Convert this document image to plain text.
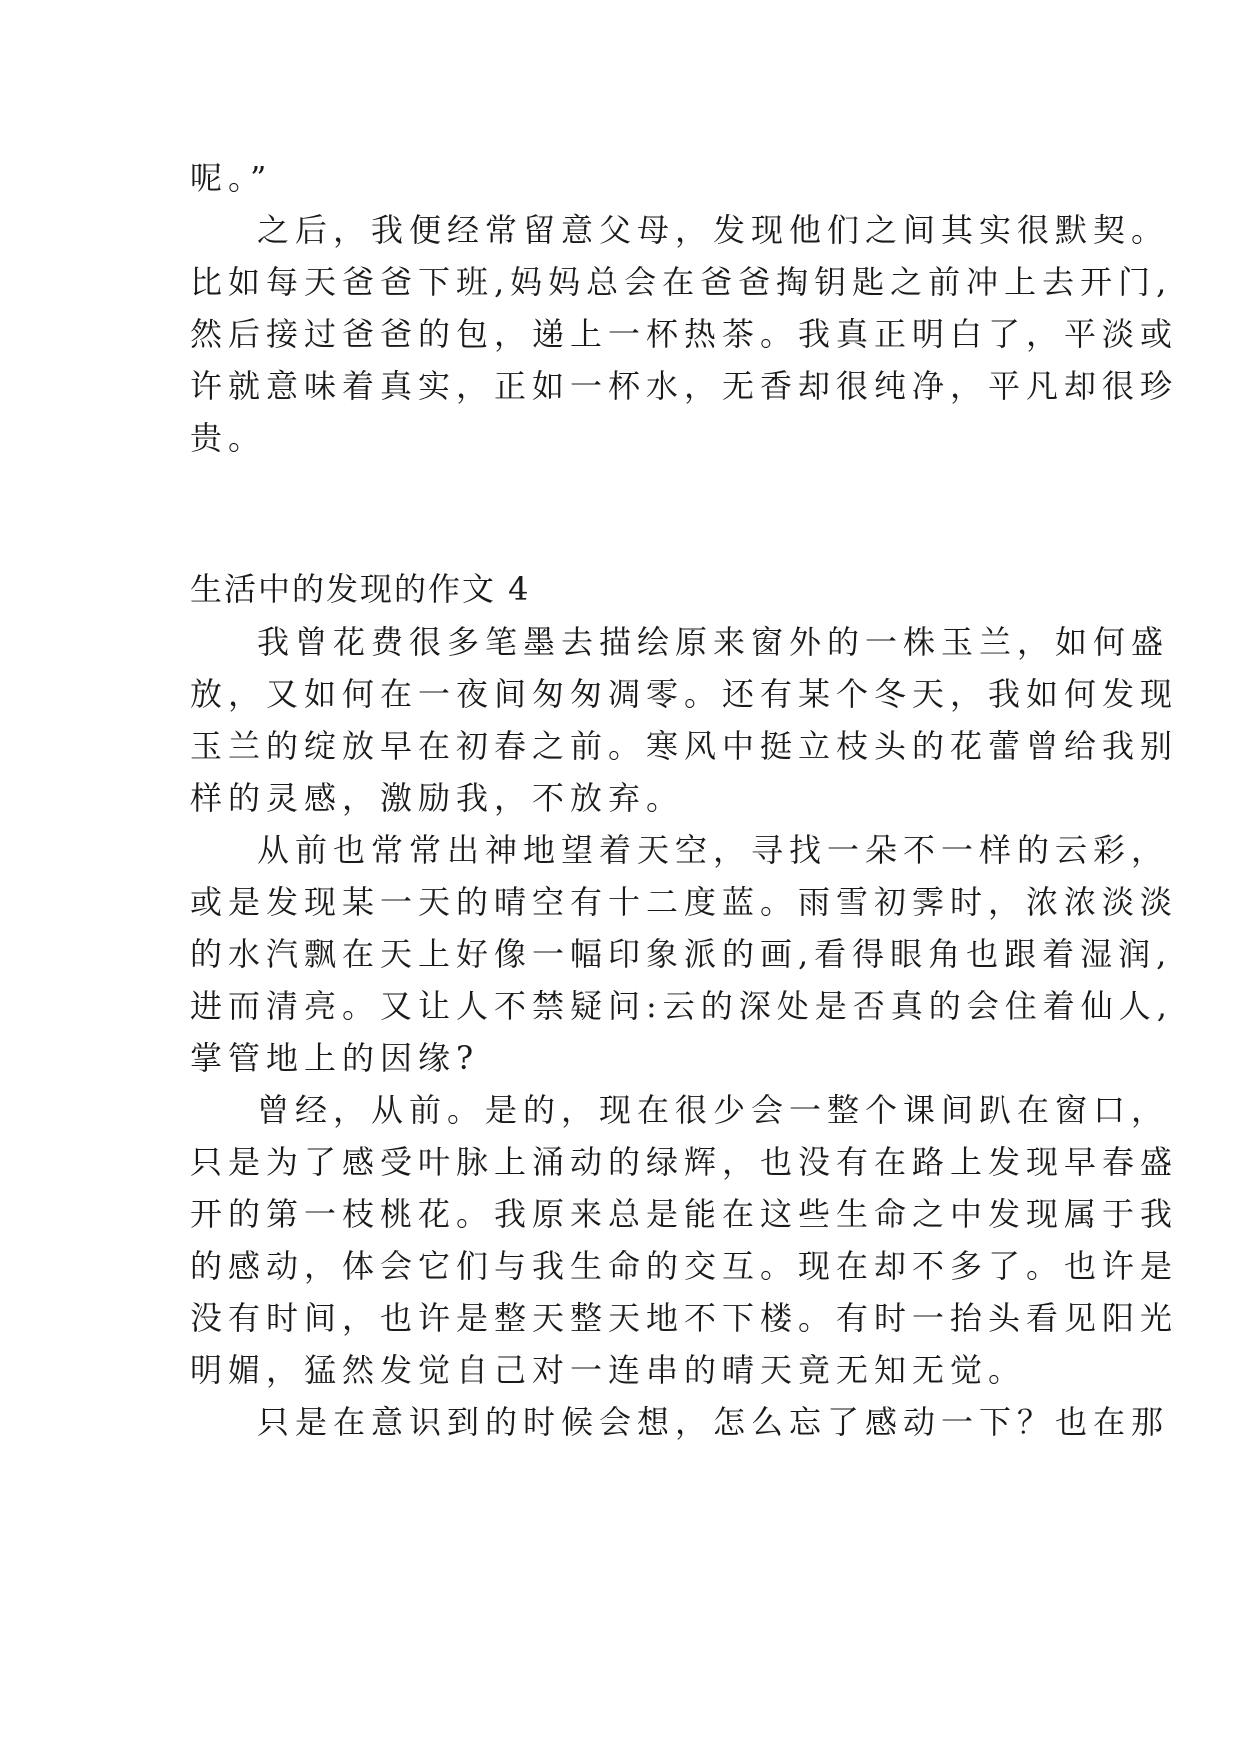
呢。”
之后，我便经常留意父母，发现他们之间其实很默契。
比如每天爸爸下班,妈妈总会在爸爸掏钥匙之前冲上去开门,
然后接过爸爸的包，递上一杯热茶。我真正明白了，平淡或
许就意味着真实，正如一杯水，无香却很纯净，平凡却很珍
贵。
生活中的发现的作文 4
我曾花费很多笔墨去描绘原来窗外的一株玉兰，如何盛
放，又如何在一夜间匆匆凋零。还有某个冬天，我如何发现
玉兰的绽放早在初春之前。寒风中挺立枝头的花蕾曾给我别
样的灵感，激励我，不放弃。
从前也常常出神地望着天空，寻找一朵不一样的云彩，
或是发现某一天的晴空有十二度蓝。雨雪初霁时，浓浓淡淡
的水汽飘在天上好像一幅印象派的画,看得眼角也跟着湿润,
进而清亮。又让人不禁疑问:云的深处是否真的会住着仙人,
掌管地上的因缘?
曾经，从前。是的，现在很少会一整个课间趴在窗口，
只是为了感受叶脉上涌动的绿辉，也没有在路上发现早春盛
开的第一枝桃花。我原来总是能在这些生命之中发现属于我
的感动，体会它们与我生命的交互。现在却不多了。也许是
没有时间，也许是整天整天地不下楼。有时一抬头看见阳光
明媚，猛然发觉自己对一连串的晴天竟无知无觉。
只是在意识到的时候会想，怎么忘了感动一下？也在那
